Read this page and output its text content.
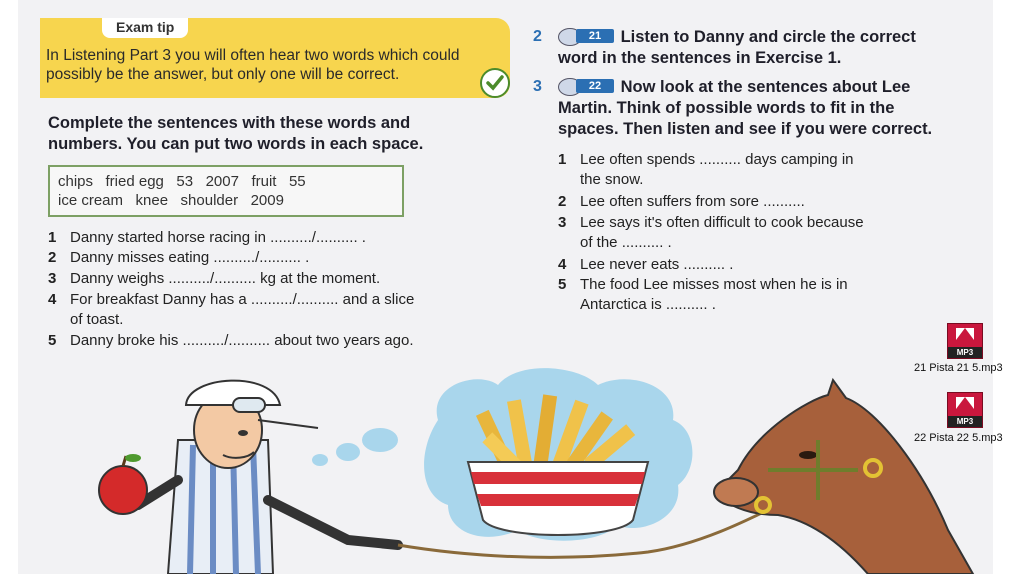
Exam tip
In Listening Part 3 you will often hear two words which could possibly be the answer, but only one will be correct.
Complete the sentences with these words and numbers. You can put two words in each space.
chips   fried egg   53   2007   fruit   55
ice cream   knee   shoulder   2009
1 Danny started horse racing in ........../.......... .
2 Danny misses eating ........../.......... .
3 Danny weighs ........../.......... kg at the moment.
4 For breakfast Danny has a ........../.......... and a slice
of toast.
5 Danny broke his ........../.......... about two years ago.
2	21	Listen to Danny and circle the correct
word in the sentences in Exercise 1.
3	22	Now look at the sentences about Lee
Martin. Think of possible words to fit in the
spaces. Then listen and see if you were correct.
1 Lee often spends .......... days camping in
the snow.
2 Lee often suffers from sore ..........
3 Lee says it's often difficult to cook because
of the .......... .
4 Lee never eats .......... .
5 The food Lee misses most when he is in
Antarctica is .......... .
MP3
21 Pista 21 5.mp3
MP3
22 Pista 22 5.mp3
